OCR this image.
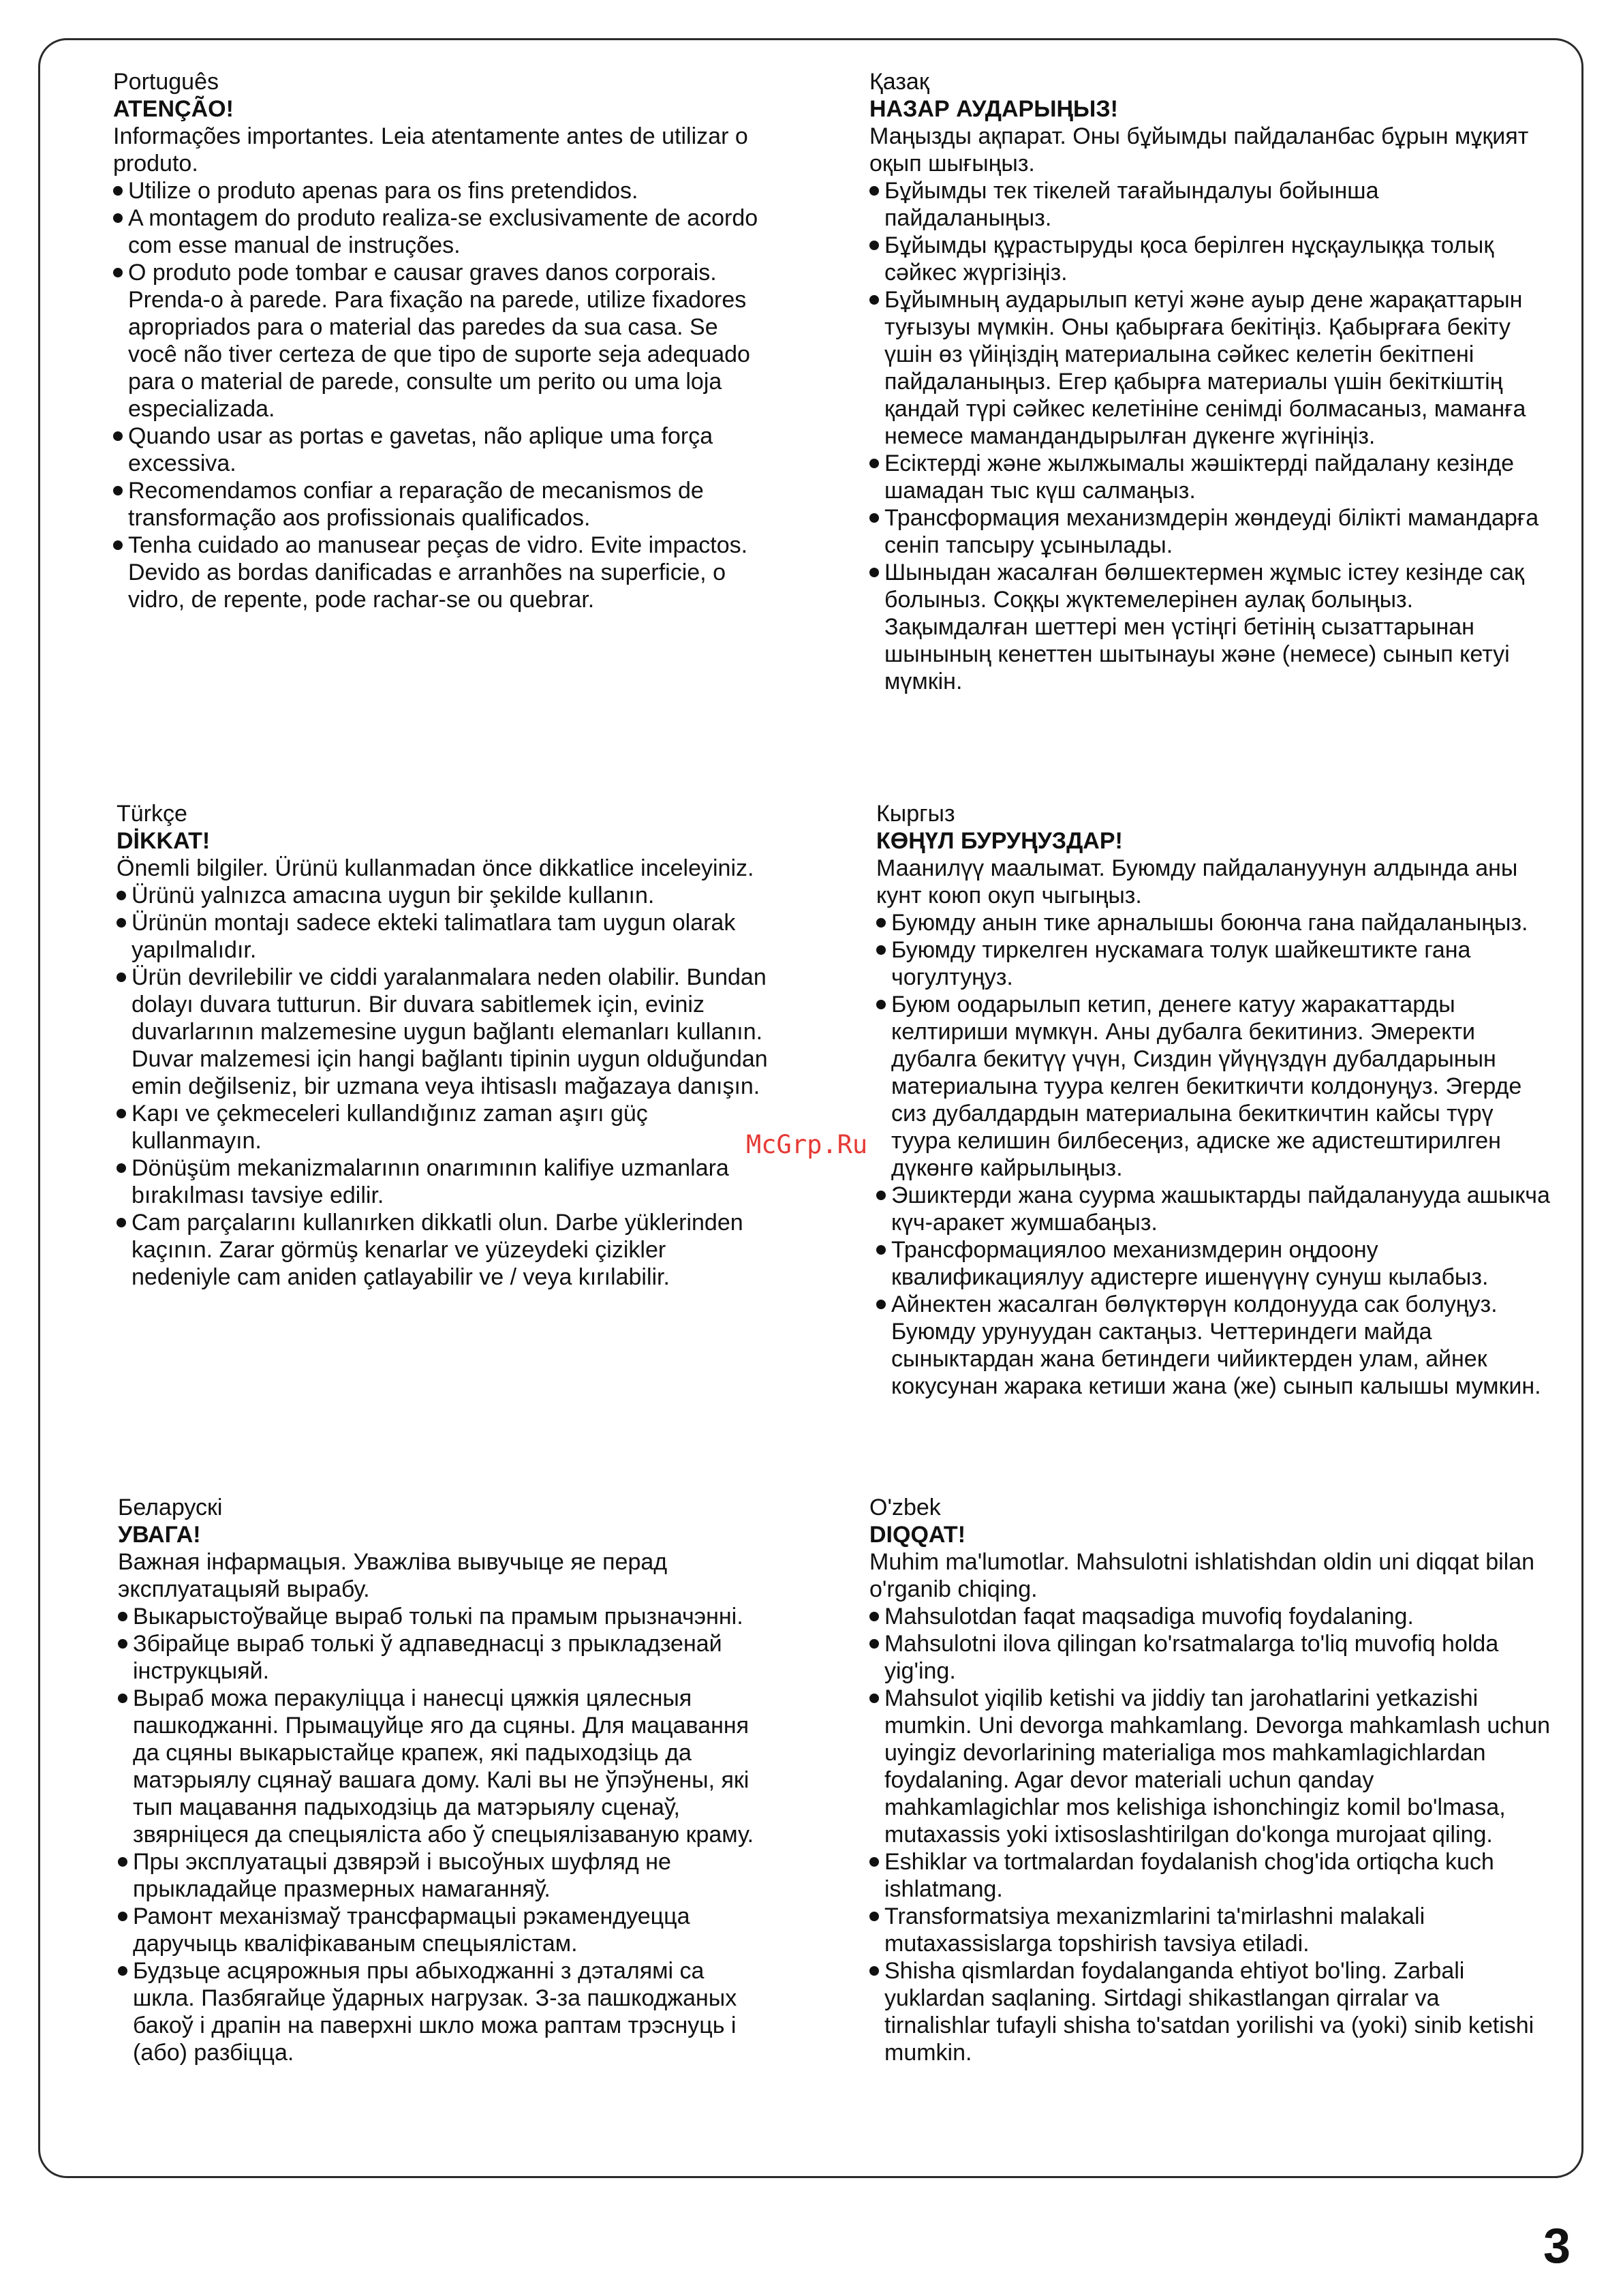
Português

ATENÇÃO!

Informações importantes. Leia atentamente antes de utilizar o produto.

Utilize o produto apenas para os fins pretendidos.
A montagem do produto realiza-se exclusivamente de acordo com esse manual de instruções.
O produto pode tombar e causar graves danos corporais. Prenda-o à parede. Para fixação na parede, utilize fixadores apropriados para o material das paredes da sua casa. Se você não tiver certeza de que tipo de suporte seja adequado para o material de parede, consulte um perito ou uma loja especializada.
Quando usar as portas e gavetas, não aplique uma força excessiva.
Recomendamos confiar a reparação de mecanismos de transformação aos profissionais qualificados.
Tenha cuidado ao manusear peças de vidro. Evite impactos. Devido as bordas danificadas e arranhões na superficie, o vidro, de repente, pode rachar-se ou quebrar.

Қазақ

НАЗАР АУДАРЫҢЫЗ!

Маңызды ақпарат. Оны бұйымды пайдаланбас бұрын мұқият оқып шығыңыз.

Бұйымды тек тікелей тағайындалуы бойынша пайдаланыңыз.
Бұйымды құрастыруды қоса берілген нұсқаулыққа толық сәйкес жүргізіңіз.
Бұйымның аударылып кетуі және ауыр дене жарақаттарын туғызуы мүмкін. Оны қабырғаға бекітіңіз. Қабырғаға бекіту үшін өз үйіңіздің материалына сәйкес келетін бекітпені пайдаланыңыз. Егер қабырға материалы үшін бекіткіштің қандай түрі сәйкес келетініне сенімді болмасаныз, маманға немесе мамандандырылған дүкенге жүгініңіз.
Есіктерді және жылжымалы жәшіктерді пайдалану кезінде шамадан тыс күш салмаңыз.
Трансформация механизмдерін жөндеуді білікті мамандарға сеніп тапсыру ұсынылады.
Шыныдан жасалған бөлшектермен жұмыс істеу кезінде сақ болыныз. Соққы жүктемелерінен аулақ болыңыз. Зақымдалған шеттері мен үстіңгі бетінің сызаттарынан шынының кенеттен шытынауы және (немесе) сынып кетуі мүмкін.

Türkçe

DİKKAT!

Önemli bilgiler. Ürünü kullanmadan önce dikkatlice inceleyiniz.

Ürünü yalnızca amacına uygun bir şekilde kullanın.
Ürünün montajı sadece ekteki talimatlara tam uygun olarak yapılmalıdır.
Ürün devrilebilir ve ciddi yaralanmalara neden olabilir. Bundan dolayı duvara tutturun. Bir duvara sabitlemek için, eviniz duvarlarının malzemesine uygun bağlantı elemanları kullanın. Duvar malzemesi için hangi bağlantı tipinin uygun olduğundan emin değilseniz, bir uzmana veya ihtisaslı mağazaya danışın.
Kapı ve çekmeceleri kullandığınız zaman aşırı güç kullanmayın.
Dönüşüm mekanizmalarının onarımının kalifiye uzmanlara bırakılması tavsiye edilir.
Cam parçalarını kullanırken dikkatli olun. Darbe yüklerinden kaçının. Zarar görmüş kenarlar ve yüzeydeki çizikler nedeniyle cam aniden çatlayabilir ve / veya kırılabilir.

Кыргыз

КӨҢҮЛ БУРУҢУЗДАР!

Маанилүү маалымат. Буюмду пайдалануунун алдында аны кунт коюп окуп чыгыңыз.

Буюмду анын тике арналышы боюнча гана пайдаланыңыз.
Буюмду тиркелген нускамага толук шайкештикте гана чогултуңуз.
Буюм оодарылып кетип, денеге катуу жаракаттарды келтириши мүмкүн. Аны дубалга бекитиниз. Эмеректи дубалга бекитүү үчүн, Сиздин үйүңүздүн дубалдарынын материалына туура келген бекиткичти колдонуңуз. Эгерде сиз дубалдардын материалына бекиткичтин кайсы түрү туура келишин билбесеңиз, адиске же адистештирилген дүкөнгө кайрылыңыз.
Эшиктерди жана суурма жашыктарды пайдаланууда ашыкча күч-аракет жумшабаңыз.
Трансформациялоо механизмдерин оңдоону квалификациялуу адистерге ишенүүнү сунуш кылабыз.
Айнектен жасалган бөлүктөрүн колдонууда сак болуңуз. Буюмду урунуудан сактаңыз. Четтериндеги майда сыныктардан жана бетиндеги чийиктерден улам, айнек кокусунан жарака кетиши жана (же) сынып калышы мумкин.

Беларускі

УВАГА!

Важная інфармацыя. Уважліва вывучыце яе перад эксплуатацыяй вырабу.

Выкарыстоўвайце выраб толькі па прамым прызначэнні.
Збірайце выраб толькі ў адпаведнасці з прыкладзенай інструкцыяй.
Выраб можа перакуліцца і нанесці цяжкія цялесныя пашкоджанні. Прымацуйце яго да сцяны. Для мацавання да сцяны выкарыстайце крапеж, які падыходзіць да матэрыялу сцянаў вашага дому. Калі вы не ўпэўнены, які тып мацавання падыходзіць да матэрыялу сценаў, звярніцеся да спецыяліста або ў спецыялізаваную краму.
Пры эксплуатацыі дзвярэй і высоўных шуфляд не прыкладайце празмерных намаганняў.
Рамонт механізмаў трансфармацыі рэкамендуецца даручыць кваліфікаваным спецыялістам.
Будзьце асцярожныя пры абыходжанні з дэталямі са шкла. Пазбягайце ўдарных нагрузак. З-за пашкоджаных бакоў і драпін на паверхні шкло можа раптам трэснуць і (або) разбіцца.

O'zbek

DIQQAT!

Muhim ma'lumotlar. Mahsulotni ishlatishdan oldin uni diqqat bilan o'rganib chiqing.

Mahsulotdan faqat maqsadiga muvofiq foydalaning.
Mahsulotni ilova qilingan ko'rsatmalarga to'liq muvofiq holda yig'ing.
Mahsulot yiqilib ketishi va jiddiy tan jarohatlarini yetkazishi mumkin. Uni devorga mahkamlang. Devorga mahkamlash uchun uyingiz devorlarining materialiga mos mahkamlagichlardan foydalaning. Agar devor materiali uchun qanday mahkamlagichlar mos kelishiga ishonchingiz komil bo'lmasa, mutaxassis yoki ixtisoslashtirilgan do'konga murojaat qiling.
Eshiklar va tortmalardan foydalanish chog'ida ortiqcha kuch ishlatmang.
Transformatsiya mexanizmlarini ta'mirlashni malakali mutaxassislarga topshirish tavsiya etiladi.
Shisha qismlardan foydalanganda ehtiyot bo'ling. Zarbali yuklardan saqlaning. Sirtdagi shikastlangan qirralar va tirnalishlar tufayli shisha to'satdan yorilishi va (yoki) sinib ketishi mumkin.
McGrp.Ru
3
